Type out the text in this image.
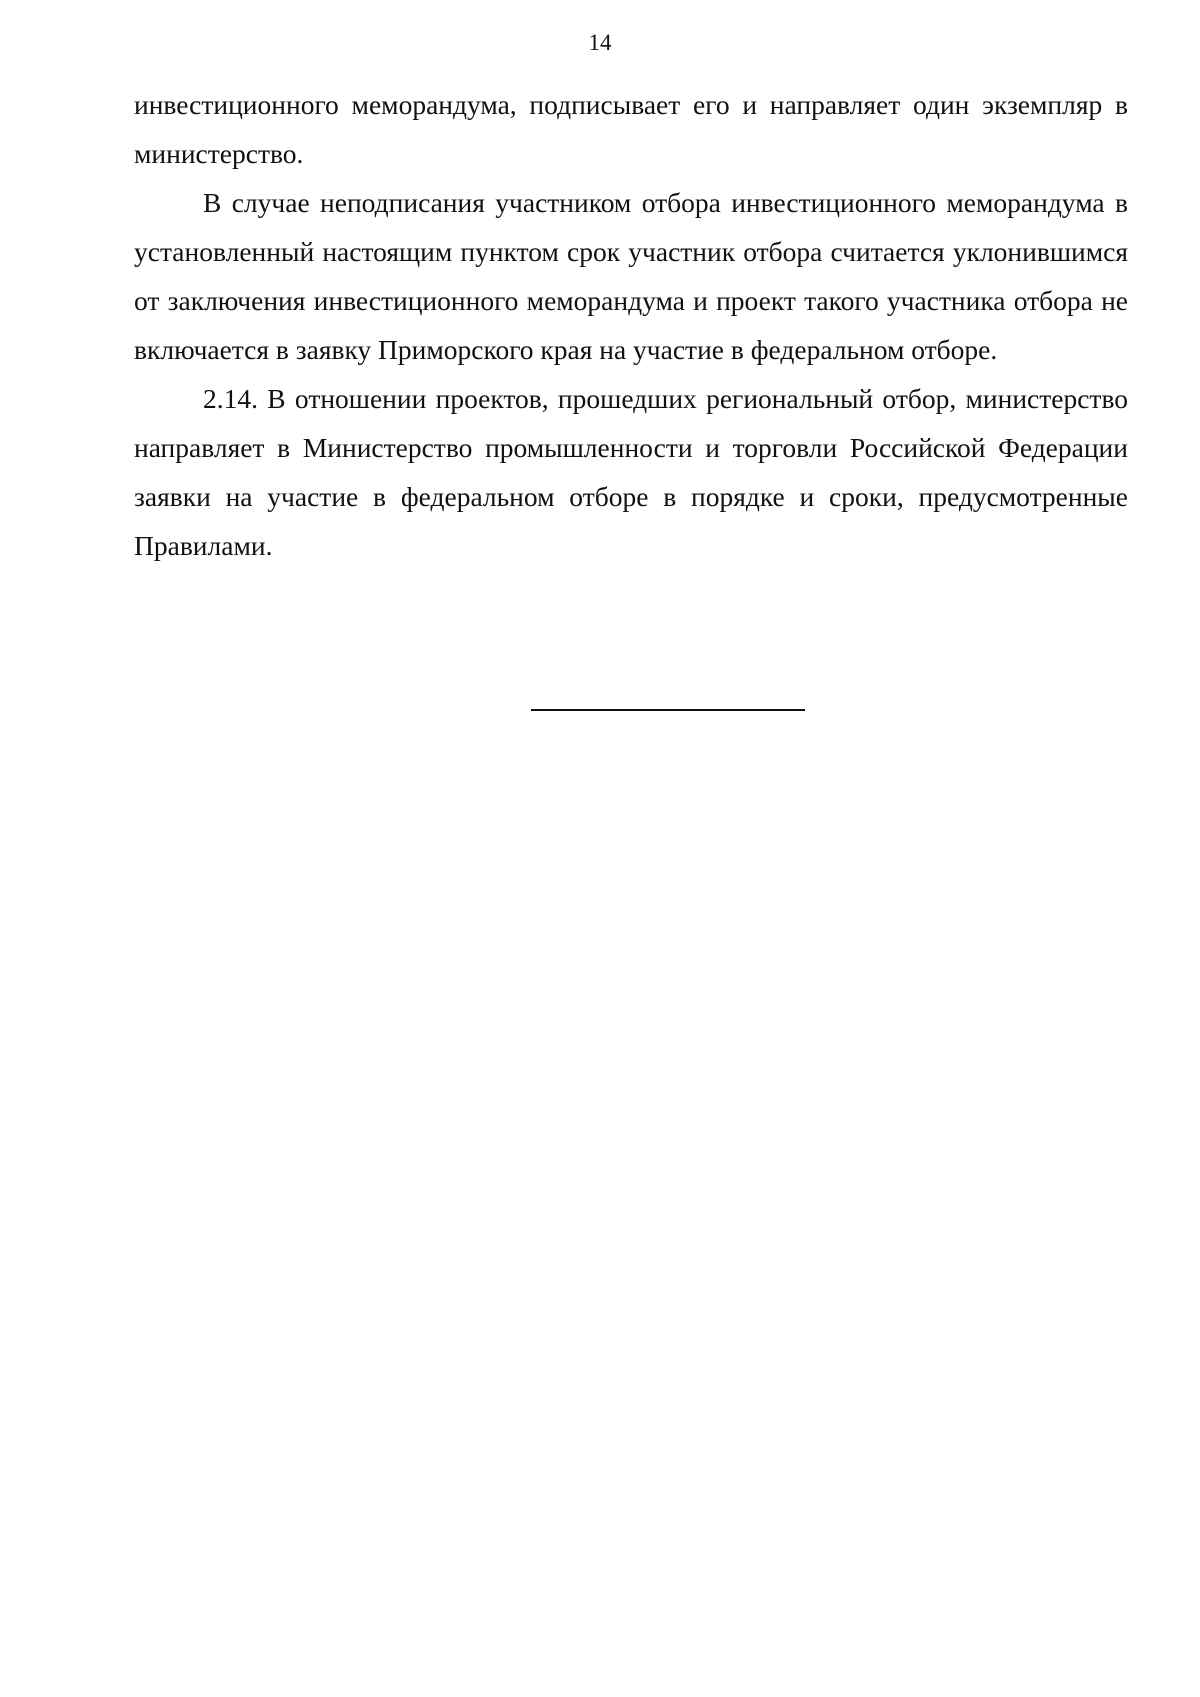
14

инвестиционного меморандума, подписывает его и направляет один экземпляр в министерство.

В случае неподписания участником отбора инвестиционного меморандума в установленный настоящим пунктом срок участник отбора считается уклонившимся от заключения инвестиционного меморандума и проект такого участника отбора не включается в заявку Приморского края на участие в федеральном отборе.

2.14. В отношении проектов, прошедших региональный отбор, министерство направляет в Министерство промышленности и торговли Российской Федерации заявки на участие в федеральном отборе в порядке и сроки, предусмотренные Правилами.
